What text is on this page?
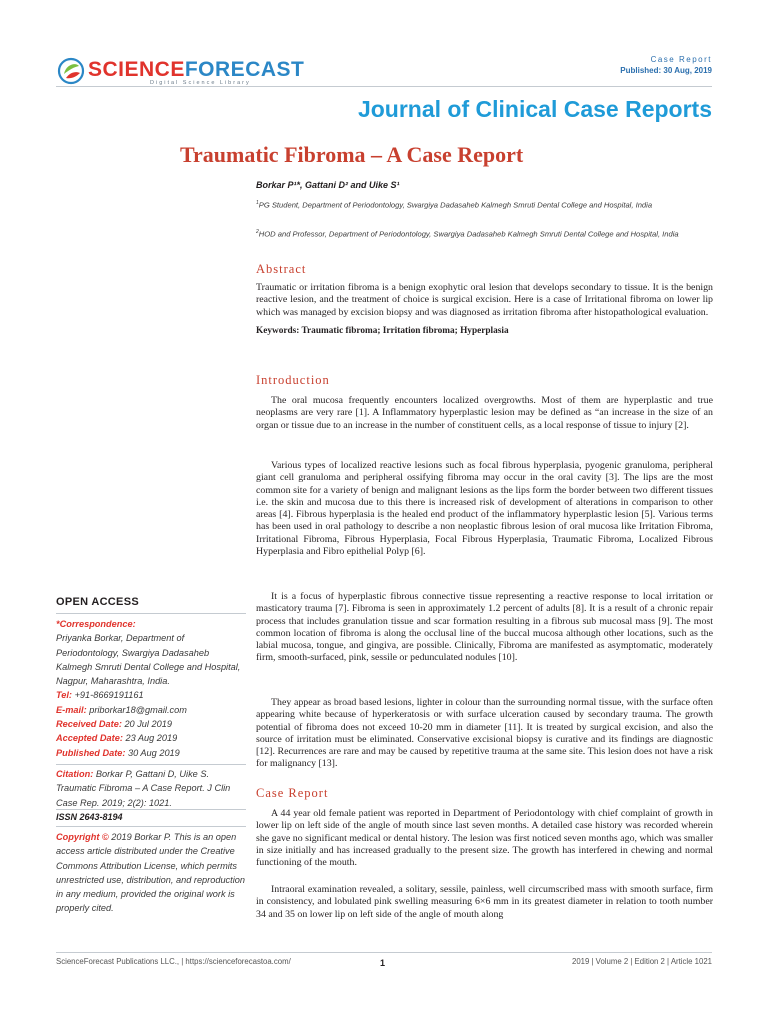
SCIENCEFORECAST
Digital Science Library
Case Report
Published: 30 Aug, 2019
Journal of Clinical Case Reports
Traumatic Fibroma – A Case Report
Borkar P¹*, Gattani D² and Uike S¹
$^1$PG Student, Department of Periodontology, Swargiya Dadasaheb Kalmegh Smruti Dental College and Hospital, India
$^2$HOD and Professor, Department of Periodontology, Swargiya Dadasaheb Kalmegh Smruti Dental College and Hospital, India
Abstract

Traumatic or irritation fibroma is a benign exophytic oral lesion that develops secondary to tissue. It is the benign reactive lesion, and the treatment of choice is surgical excision. Here is a case of Irritational fibroma on lower lip which was managed by excision biopsy and was diagnosed as irritation fibroma after histopathological evaluation.

Keywords: Traumatic fibroma; Irritation fibroma; Hyperplasia
Introduction

The oral mucosa frequently encounters localized overgrowths. Most of them are hyperplastic and true neoplasms are very rare [1]. A Inflammatory hyperplastic lesion may be defined as “an increase in the size of an organ or tissue due to an increase in the number of constituent cells, as a local response of tissue to injury [2].

Various types of localized reactive lesions such as focal fibrous hyperplasia, pyogenic granuloma, peripheral giant cell granuloma and peripheral ossifying fibroma may occur in the oral cavity [3]. The lips are the most common site for a variety of benign and malignant lesions as the lips form the border between two different tissues i.e. the skin and mucosa due to this there is increased risk of development of alterations in comparison to other areas [4]. Fibrous hyperplasia is the healed end product of the inflammatory hyperplastic lesion [5]. Various terms has been used in oral pathology to describe a non neoplastic fibrous lesion of oral mucosa like Irritation Fibroma, Irritational Fibroma, Fibrous Hyperplasia, Focal Fibrous Hyperplasia, Traumatic Fibroma, Localized Fibrous Hyperplasia and Fibro epithelial Polyp [6].

It is a focus of hyperplastic fibrous connective tissue representing a reactive response to local irritation or masticatory trauma [7]. Fibroma is seen in approximately 1.2 percent of adults [8]. It is a result of a chronic repair process that includes granulation tissue and scar formation resulting in a fibrous sub mucosal mass [9]. The most common location of fibroma is along the occlusal line of the buccal mucosa although other locations, such as the labial mucosa, tongue, and gingiva, are possible. Clinically, Fibroma are manifested as asymptomatic, moderately firm, smooth-surfaced, pink, sessile or pedunculated nodules [10].

They appear as broad based lesions, lighter in colour than the surrounding normal tissue, with the surface often appearing white because of hyperkeratosis or with surface ulceration caused by secondary trauma. The growth potential of fibroma does not exceed 10-20 mm in diameter [11]. It is treated by surgical excision, and also the source of irritation must be eliminated. Conservative excisional biopsy is curative and its findings are diagnostic [12]. Recurrences are rare and may be caused by repetitive trauma at the same site. This lesion does not have a risk for malignancy [13].

Case Report

A 44 year old female patient was reported in Department of Periodontology with chief complaint of growth in lower lip on left side of the angle of mouth since last seven months. A detailed case history was recorded wherein she gave no significant medical or dental history. The lesion was first noticed seven months ago, which was smaller in size initially and has increased gradually to the present size. The growth has interfered in chewing and normal functioning of the mouth.

Intraoral examination revealed, a solitary, sessile, painless, well circumscribed mass with smooth surface, firm in consistency, and lobulated pink swelling measuring 6×6 mm in its greatest diameter in relation to tooth number 34 and 35 on lower lip on left side of the angle of mouth along

OPEN ACCESS
*Correspondence:
Priyanka Borkar, Department of Periodontology, Swargiya Dadasaheb Kalmegh Smruti Dental College and Hospital, Nagpur, Maharashtra, India.
Tel: +91-8669191161
E-mail: priborkar18@gmail.com
Received Date: 20 Jul 2019
Accepted Date: 23 Aug 2019
Published Date: 30 Aug 2019
Citation: Borkar P, Gattani D, Uike S. Traumatic Fibroma – A Case Report. J Clin Case Rep. 2019; 2(2): 1021.
ISSN 2643-8194
Copyright © 2019 Borkar P. This is an open access article distributed under the Creative Commons Attribution License, which permits unrestricted use, distribution, and reproduction in any medium, provided the original work is properly cited.
ScienceForecast Publications LLC., | https://scienceforecastoa.com/	1	2019 | Volume 2 | Edition 2 | Article 1021
